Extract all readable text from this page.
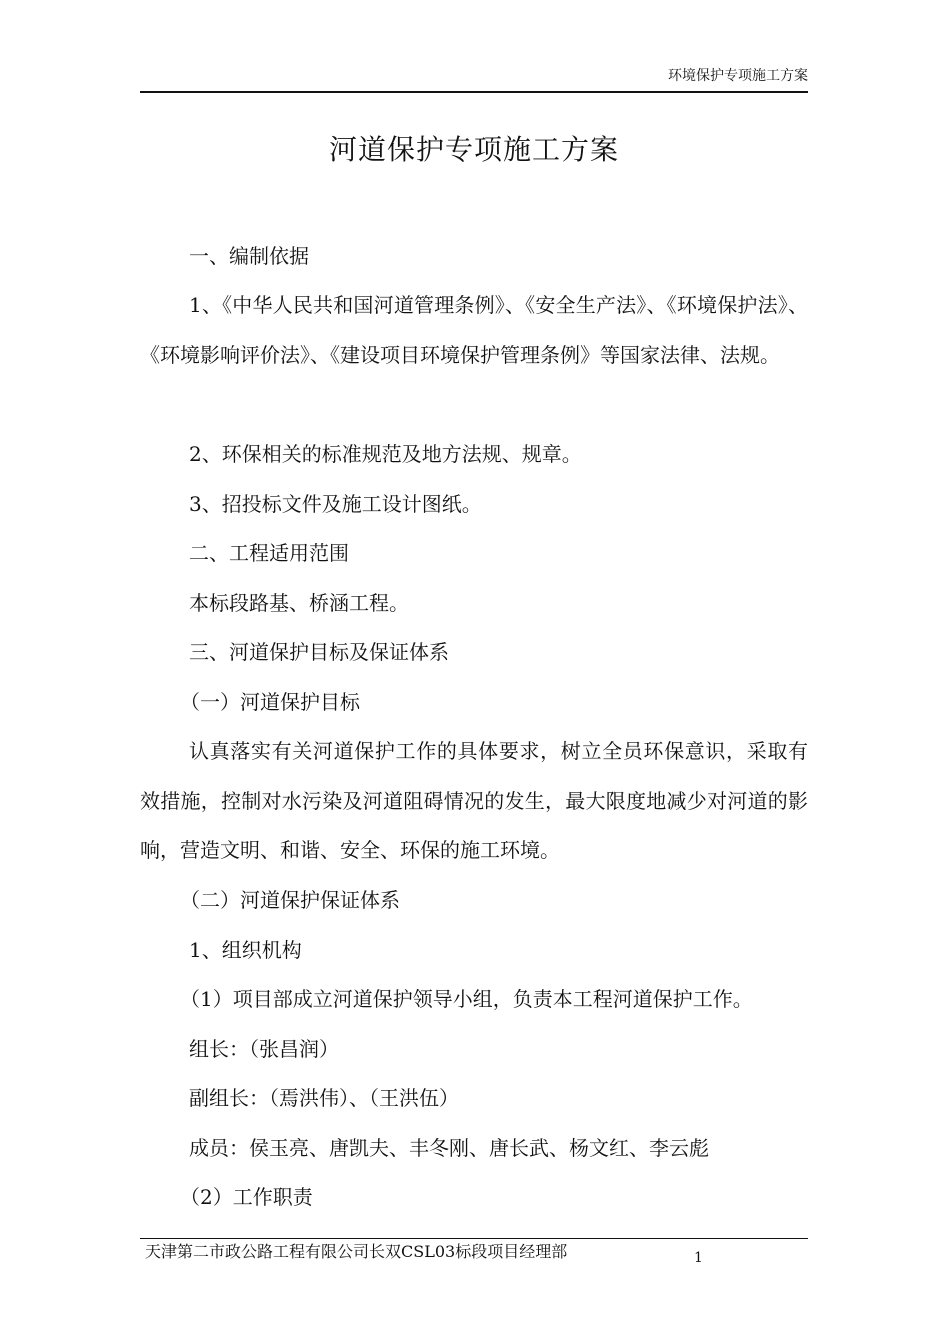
环境保护专项施工方案
河道保护专项施工方案

一、编制依据

1、《中华人民共和国河道管理条例》、《安全生产法》、《环境保护法》、《环境影响评价法》、《建设项目环境保护管理条例》等国家法律、法规。

2、环保相关的标准规范及地方法规、规章。

3、招投标文件及施工设计图纸。

二、工程适用范围

本标段路基、桥涵工程。

三、河道保护目标及保证体系

（一）河道保护目标

认真落实有关河道保护工作的具体要求，树立全员环保意识，采取有效措施，控制对水污染及河道阻碍情况的发生，最大限度地减少对河道的影响，营造文明、和谐、安全、环保的施工环境。

（二）河道保护保证体系

1、组织机构

（1）项目部成立河道保护领导小组，负责本工程河道保护工作。

组长：（张昌润）

副组长：（焉洪伟）、（王洪伍）

成员：侯玉亮、唐凯夫、丰冬刚、唐长武、杨文红、李云彪

（2）工作职责

天津第二市政公路工程有限公司长双CSL03标段项目经理部	1
